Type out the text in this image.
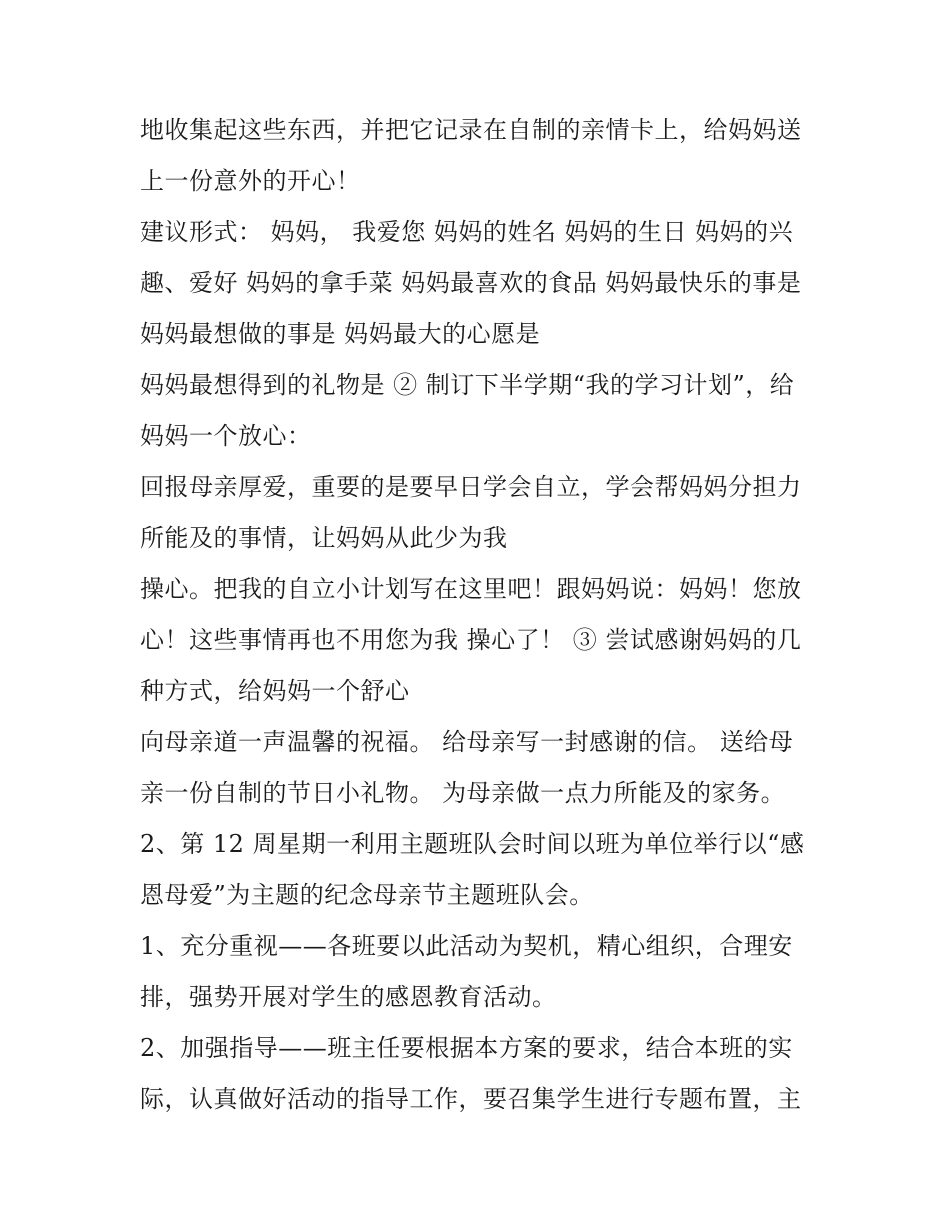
地收集起这些东西，并把它记录在自制的亲情卡上，给妈妈送
上一份意外的开心！
建议形式： 妈妈， 我爱您 妈妈的姓名 妈妈的生日 妈妈的兴
趣、爱好 妈妈的拿手菜 妈妈最喜欢的食品 妈妈最快乐的事是
妈妈最想做的事是 妈妈最大的心愿是
妈妈最想得到的礼物是 ② 制订下半学期“我的学习计划”，给
妈妈一个放心：
回报母亲厚爱，重要的是要早日学会自立，学会帮妈妈分担力
所能及的事情，让妈妈从此少为我
操心。把我的自立小计划写在这里吧！跟妈妈说：妈妈！您放
心！这些事情再也不用您为我 操心了！ ③ 尝试感谢妈妈的几
种方式，给妈妈一个舒心
向母亲道一声温馨的祝福。 给母亲写一封感谢的信。 送给母
亲一份自制的节日小礼物。 为母亲做一点力所能及的家务。
2、第 12 周星期一利用主题班队会时间以班为单位举行以“感
恩母爱”为主题的纪念母亲节主题班队会。
1、充分重视——各班要以此活动为契机，精心组织，合理安
排，强势开展对学生的感恩教育活动。
2、加强指导——班主任要根据本方案的要求，结合本班的实
际，认真做好活动的指导工作，要召集学生进行专题布置，主
